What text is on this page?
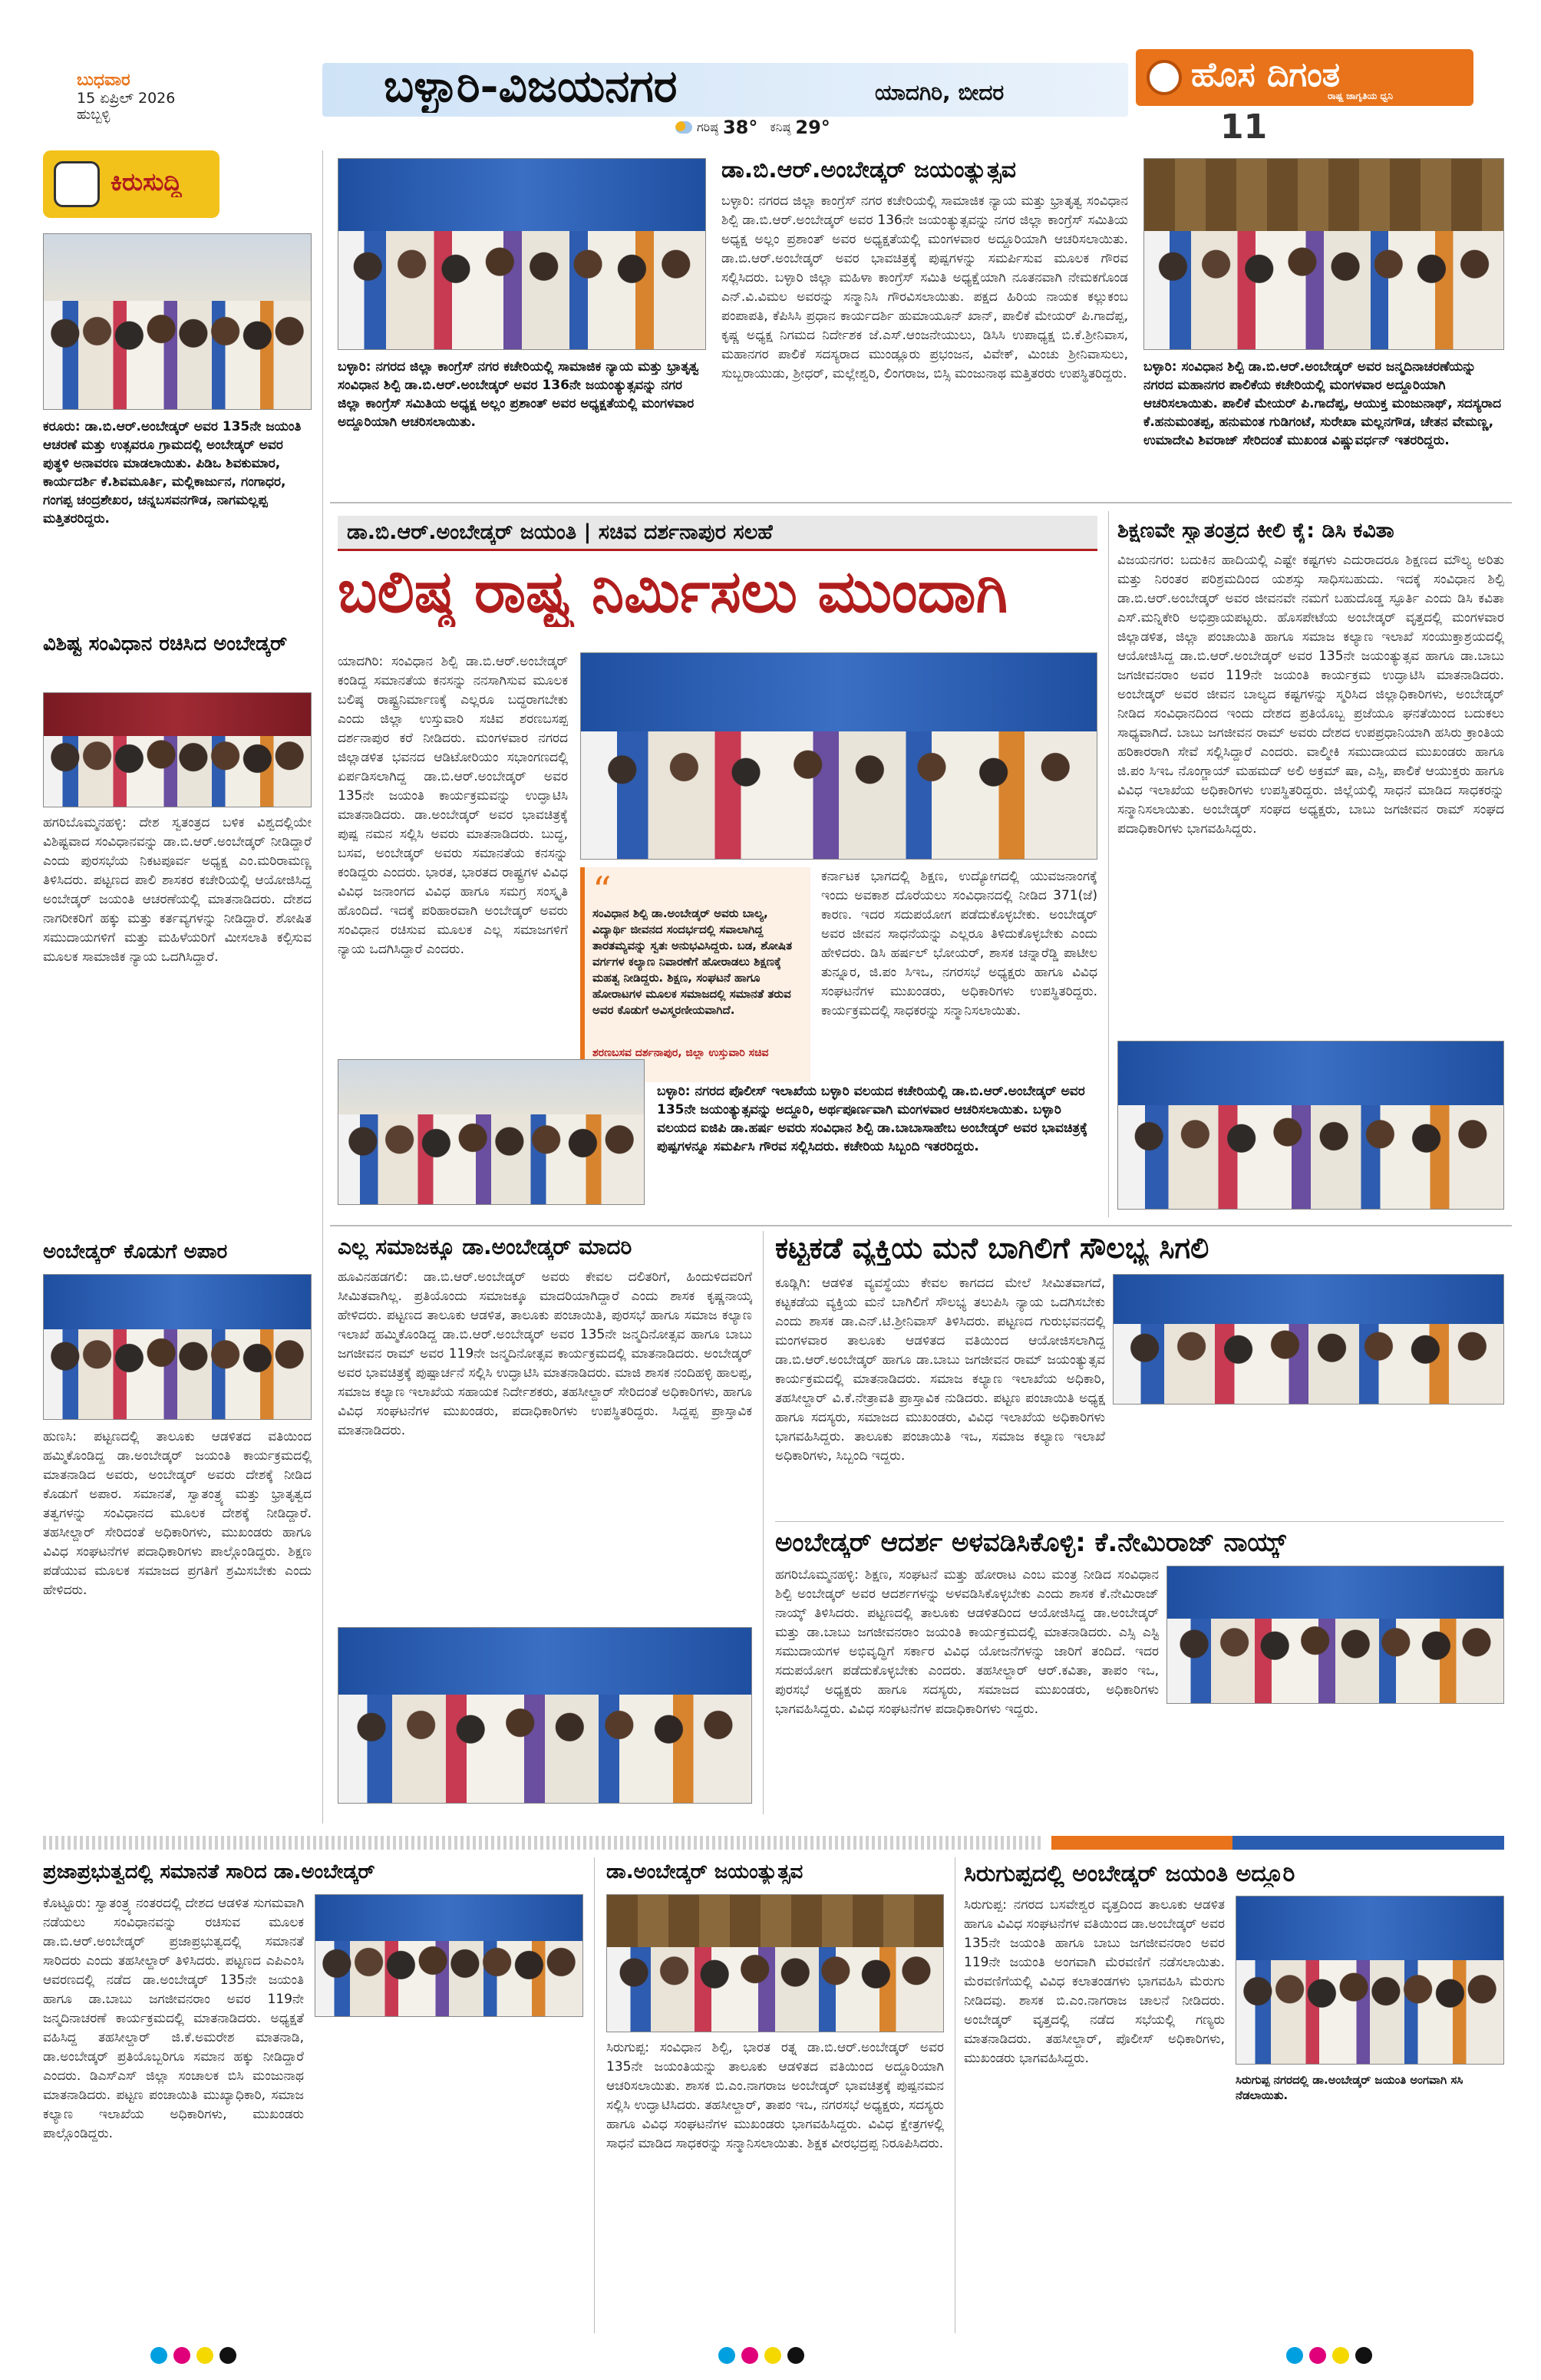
ಬುಧವಾರ
15 ಏಪ್ರಿಲ್ 2026
ಹುಬ್ಬಳ್ಳಿ
ಬಳ್ಳಾರಿ-ವಿಜಯನಗರ	ಯಾದಗಿರಿ, ಬೀದರ
ಗರಿಷ್ಠ 38° ಕನಿಷ್ಠ 29°
ಹೊಸ ದಿಗಂತ
ರಾಷ್ಟ್ರ ಜಾಗೃತಿಯ ಧ್ವನಿ
11
ಕಿರುಸುದ್ದಿ
ಕರೂರು: ಡಾ.ಬಿ.ಆರ್.ಅಂಬೇಡ್ಕರ್ ಅವರ 135ನೇ ಜಯಂತಿ ಆಚರಣೆ ಮತ್ತು ಉತ್ಸವರೂ ಗ್ರಾಮದಲ್ಲಿ ಅಂಬೇಡ್ಕರ್ ಅವರ ಪುತ್ಥಳಿ ಅನಾವರಣ ಮಾಡಲಾಯಿತು. ಪಿಡಿಒ ಶಿವಕುಮಾರ, ಕಾರ್ಯದರ್ಶಿ ಕೆ.ಶಿವಮೂರ್ತಿ, ಮಲ್ಲಿಕಾರ್ಜುನ, ಗಂಗಾಧರ, ಗಂಗಪ್ಪ ಚಂದ್ರಶೇಖರ, ಚನ್ನಬಸವನಗೌಡ, ನಾಗಮಲ್ಲಪ್ಪ ಮತ್ತಿತರರಿದ್ದರು.
ವಿಶಿಷ್ಟ ಸಂವಿಧಾನ ರಚಿಸಿದ ಅಂಬೇಡ್ಕರ್
ಹಗರಿಬೊಮ್ಮನಹಳ್ಳಿ: ದೇಶ ಸ್ವತಂತ್ರದ ಬಳಿಕ ವಿಶ್ವದಲ್ಲಿಯೇ ವಿಶಿಷ್ಟವಾದ ಸಂವಿಧಾನವನ್ನು ಡಾ.ಬಿ.ಆರ್.ಅಂಬೇಡ್ಕರ್ ನೀಡಿದ್ದಾರೆ ಎಂದು ಪುರಸಭೆಯ ನಿಕಟಪೂರ್ವ ಅಧ್ಯಕ್ಷ ಎಂ.ಮರಿರಾಮಣ್ಣ ತಿಳಿಸಿದರು. ಪಟ್ಟಣದ ಪಾಲಿ ಶಾಸಕರ ಕಚೇರಿಯಲ್ಲಿ ಆಯೋಜಿಸಿದ್ದ ಅಂಬೇಡ್ಕರ್ ಜಯಂತಿ ಆಚರಣೆಯಲ್ಲಿ ಮಾತನಾಡಿದರು. ದೇಶದ ನಾಗರೀಕರಿಗೆ ಹಕ್ಕು ಮತ್ತು ಕರ್ತವ್ಯಗಳನ್ನು ನೀಡಿದ್ದಾರೆ. ಶೋಷಿತ ಸಮುದಾಯಗಳಿಗೆ ಮತ್ತು ಮಹಿಳೆಯರಿಗೆ ಮೀಸಲಾತಿ ಕಲ್ಪಿಸುವ ಮೂಲಕ ಸಾಮಾಜಿಕ ನ್ಯಾಯ ಒದಗಿಸಿದ್ದಾರೆ.
ಅಂಬೇಡ್ಕರ್ ಕೊಡುಗೆ ಅಪಾರ
ಹುಣಸಿ: ಪಟ್ಟಣದಲ್ಲಿ ತಾಲೂಕು ಆಡಳಿತದ ವತಿಯಿಂದ ಹಮ್ಮಿಕೊಂಡಿದ್ದ ಡಾ.ಅಂಬೇಡ್ಕರ್ ಜಯಂತಿ ಕಾರ್ಯಕ್ರಮದಲ್ಲಿ ಮಾತನಾಡಿದ ಅವರು, ಅಂಬೇಡ್ಕರ್ ಅವರು ದೇಶಕ್ಕೆ ನೀಡಿದ ಕೊಡುಗೆ ಅಪಾರ. ಸಮಾನತೆ, ಸ್ವಾತಂತ್ರ್ಯ ಮತ್ತು ಭ್ರಾತೃತ್ವದ ತತ್ವಗಳನ್ನು ಸಂವಿಧಾನದ ಮೂಲಕ ದೇಶಕ್ಕೆ ನೀಡಿದ್ದಾರೆ. ತಹಸೀಲ್ದಾರ್ ಸೇರಿದಂತೆ ಅಧಿಕಾರಿಗಳು, ಮುಖಂಡರು ಹಾಗೂ ವಿವಿಧ ಸಂಘಟನೆಗಳ ಪದಾಧಿಕಾರಿಗಳು ಪಾಲ್ಗೊಂಡಿದ್ದರು. ಶಿಕ್ಷಣ ಪಡೆಯುವ ಮೂಲಕ ಸಮಾಜದ ಪ್ರಗತಿಗೆ ಶ್ರಮಿಸಬೇಕು ಎಂದು ಹೇಳಿದರು.
ಬಳ್ಳಾರಿ: ನಗರದ ಜಿಲ್ಲಾ ಕಾಂಗ್ರೆಸ್ ನಗರ ಕಚೇರಿಯಲ್ಲಿ ಸಾಮಾಜಿಕ ನ್ಯಾಯ ಮತ್ತು ಭ್ರಾತೃತ್ವ ಸಂವಿಧಾನ ಶಿಲ್ಪಿ ಡಾ.ಬಿ.ಆರ್.ಅಂಬೇಡ್ಕರ್ ಅವರ 136ನೇ ಜಯಂತ್ಯುತ್ಸವನ್ನು ನಗರ ಜಿಲ್ಲಾ ಕಾಂಗ್ರೆಸ್ ಸಮಿತಿಯ ಅಧ್ಯಕ್ಷ ಅಲ್ಲಂ ಪ್ರಶಾಂತ್ ಅವರ ಅಧ್ಯಕ್ಷತೆಯಲ್ಲಿ ಮಂಗಳವಾರ ಅದ್ದೂರಿಯಾಗಿ ಆಚರಿಸಲಾಯಿತು.
ಡಾ.ಬಿ.ಆರ್.ಅಂಬೇಡ್ಕರ್ ಜಯಂತ್ಯುತ್ಸವ
ಬಳ್ಳಾರಿ: ನಗರದ ಜಿಲ್ಲಾ ಕಾಂಗ್ರೆಸ್ ನಗರ ಕಚೇರಿಯಲ್ಲಿ ಸಾಮಾಜಿಕ ನ್ಯಾಯ ಮತ್ತು ಭ್ರಾತೃತ್ವ ಸಂವಿಧಾನ ಶಿಲ್ಪಿ ಡಾ.ಬಿ.ಆರ್.ಅಂಬೇಡ್ಕರ್ ಅವರ 136ನೇ ಜಯಂತ್ಯುತ್ಸವನ್ನು ನಗರ ಜಿಲ್ಲಾ ಕಾಂಗ್ರೆಸ್ ಸಮಿತಿಯ ಅಧ್ಯಕ್ಷ ಅಲ್ಲಂ ಪ್ರಶಾಂತ್ ಅವರ ಅಧ್ಯಕ್ಷತೆಯಲ್ಲಿ ಮಂಗಳವಾರ ಅದ್ದೂರಿಯಾಗಿ ಆಚರಿಸಲಾಯಿತು. ಡಾ.ಬಿ.ಆರ್.ಅಂಬೇಡ್ಕರ್ ಅವರ ಭಾವಚಿತ್ರಕ್ಕೆ ಪುಷ್ಪಗಳನ್ನು ಸಮರ್ಪಿಸುವ ಮೂಲಕ ಗೌರವ ಸಲ್ಲಿಸಿದರು. ಬಳ್ಳಾರಿ ಜಿಲ್ಲಾ ಮಹಿಳಾ ಕಾಂಗ್ರೆಸ್ ಸಮಿತಿ ಅಧ್ಯಕ್ಷೆಯಾಗಿ ನೂತನವಾಗಿ ನೇಮಕಗೊಂಡ ಎನ್.ವಿ.ವಿಮಲ ಅವರನ್ನು ಸನ್ಮಾನಿಸಿ ಗೌರವಿಸಲಾಯಿತು. ಪಕ್ಷದ ಹಿರಿಯ ನಾಯಕ ಕಲ್ಲುಕಂಬ ಪಂಪಾಪತಿ, ಕೆಪಿಸಿಸಿ ಪ್ರಧಾನ ಕಾರ್ಯದರ್ಶಿ ಹುಮಾಯೂನ್ ಖಾನ್, ಪಾಲಿಕೆ ಮೇಯರ್ ಪಿ.ಗಾದೆಪ್ಪ, ಕೃಷ್ಣ ಅಧ್ಯಕ್ಷ ನಿಗಮದ ನಿರ್ದೇಶಕ ಜೆ.ಎಸ್.ಆಂಜನೇಯುಲು, ಡಿಸಿಸಿ ಉಪಾಧ್ಯಕ್ಷ ಬಿ.ಕೆ.ಶ್ರೀನಿವಾಸ, ಮಹಾನಗರ ಪಾಲಿಕೆ ಸದಸ್ಯರಾದ ಮುಂಡ್ಲೂರು ಪ್ರಭಂಜನ, ವಿವೇಕ್, ಮಿಂಚು ಶ್ರೀನಿವಾಸುಲು, ಸುಬ್ಬರಾಯುಡು, ಶ್ರೀಧರ್, ಮಲ್ಲೇಶ್ವರಿ, ಲಿಂಗರಾಜ, ಬಿಸ್ಸಿ ಮಂಜುನಾಥ ಮತ್ತಿತರರು ಉಪಸ್ಥಿತರಿದ್ದರು. ಬಳ್ಳಾರಿ: ಸಂವಿಧಾನ ಶಿಲ್ಪಿ ಡಾ.ಬಿ.ಆರ್.ಅಂಬೇಡ್ಕರ್ ಅವರ ಜನ್ಮದಿನಾಚರಣೆಯನ್ನು ನಗರದ ಮಹಾನಗರ ಪಾಲಿಕೆಯ ಕಚೇರಿಯಲ್ಲಿ ಮಂಗಳವಾರ ಅದ್ದೂರಿಯಾಗಿ ಆಚರಿಸಲಾಯಿತು. ಪಾಲಿಕೆ ಮೇಯರ್ ಪಿ.ಗಾದೆಪ್ಪ, ಆಯುಕ್ತ ಮಂಜುನಾಥ್, ಸದಸ್ಯರಾದ ಕೆ.ಹನುಮಂತಪ್ಪ, ಹನುಮಂತ ಗುಡಿಗಂಟೆ, ಸುರೇಖಾ ಮಲ್ಲನಗೌಡ, ಚೇತನ ವೇಮಣ್ಣ, ಉಮಾದೇವಿ ಶಿವರಾಜ್ ಸೇರಿದಂತೆ ಮುಖಂಡ ವಿಷ್ಣುವರ್ಧನ್ ಇತರರಿದ್ದರು.
ಡಾ.ಬಿ.ಆರ್.ಅಂಬೇಡ್ಕರ್ ಜಯಂತಿ | ಸಚಿವ ದರ್ಶನಾಪುರ ಸಲಹೆ
ಬಲಿಷ್ಠ ರಾಷ್ಟ್ರ ನಿರ್ಮಿಸಲು ಮುಂದಾಗಿ
ಯಾದಗಿರಿ: ಸಂವಿಧಾನ ಶಿಲ್ಪಿ ಡಾ.ಬಿ.ಆರ್.ಅಂಬೇಡ್ಕರ್ ಕಂಡಿದ್ದ ಸಮಾನತೆಯ ಕನಸನ್ನು ನನಸಾಗಿಸುವ ಮೂಲಕ ಬಲಿಷ್ಠ ರಾಷ್ಟ್ರನಿರ್ಮಾಣಕ್ಕೆ ಎಲ್ಲರೂ ಬದ್ಧರಾಗಬೇಕು ಎಂದು ಜಿಲ್ಲಾ ಉಸ್ತುವಾರಿ ಸಚಿವ ಶರಣಬಸಪ್ಪ ದರ್ಶನಾಪುರ ಕರೆ ನೀಡಿದರು. ಮಂಗಳವಾರ ನಗರದ ಜಿಲ್ಲಾಡಳಿತ ಭವನದ ಆಡಿಟೋರಿಯಂ ಸಭಾಂಗಣದಲ್ಲಿ ಏರ್ಪಡಿಸಲಾಗಿದ್ದ ಡಾ.ಬಿ.ಆರ್.ಅಂಬೇಡ್ಕರ್ ಅವರ 135ನೇ ಜಯಂತಿ ಕಾರ್ಯಕ್ರಮವನ್ನು ಉದ್ಘಾಟಿಸಿ ಮಾತನಾಡಿದರು. ಡಾ.ಅಂಬೇಡ್ಕರ್ ಅವರ ಭಾವಚಿತ್ರಕ್ಕೆ ಪುಷ್ಪ ನಮನ ಸಲ್ಲಿಸಿ ಅವರು ಮಾತನಾಡಿದರು. ಬುದ್ಧ, ಬಸವ, ಅಂಬೇಡ್ಕರ್ ಅವರು ಸಮಾನತೆಯ ಕನಸನ್ನು ಕಂಡಿದ್ದರು ಎಂದರು. ಭಾರತ, ಭಾರತದ ರಾಷ್ಟ್ರಗಳ ವಿವಿಧ ವಿವಿಧ ಜನಾಂಗದ ವಿವಿಧ ಹಾಗೂ ಸಮಗ್ರ ಸಂಸ್ಕೃತಿ ಹೊಂದಿದೆ. ಇದಕ್ಕೆ ಪರಿಹಾರವಾಗಿ ಅಂಬೇಡ್ಕರ್ ಅವರು ಸಂವಿಧಾನ ರಚಿಸುವ ಮೂಲಕ ಎಲ್ಲ ಸಮಾಜಗಳಿಗೆ ನ್ಯಾಯ ಒದಗಿಸಿದ್ದಾರೆ ಎಂದರು.
“
ಸಂವಿಧಾನ ಶಿಲ್ಪಿ ಡಾ.ಅಂಬೇಡ್ಕರ್ ಅವರು ಬಾಲ್ಯ, ವಿದ್ಯಾರ್ಥಿ ಜೀವನದ ಸಂದರ್ಭದಲ್ಲಿ ಸವಾಲಾಗಿದ್ದ ತಾರತಮ್ಯವನ್ನು ಸ್ವತಃ ಅನುಭವಿಸಿದ್ದರು. ಬಡ, ಶೋಷಿತ ವರ್ಗಗಳ ಕಲ್ಯಾಣ ನಿವಾರಣೆಗೆ ಹೋರಾಡಲು ಶಿಕ್ಷಣಕ್ಕೆ ಮಹತ್ವ ನೀಡಿದ್ದರು. ಶಿಕ್ಷಣ, ಸಂಘಟನೆ ಹಾಗೂ ಹೋರಾಟಗಳ ಮೂಲಕ ಸಮಾಜದಲ್ಲಿ ಸಮಾನತೆ ತರುವ ಅವರ ಕೊಡುಗೆ ಅವಿಸ್ಮರಣೀಯವಾಗಿದೆ.
ಶರಣಬಸವ ದರ್ಶನಾಪುರ, ಜಿಲ್ಲಾ ಉಸ್ತುವಾರಿ ಸಚಿವ
ಕರ್ನಾಟಕ ಭಾಗದಲ್ಲಿ ಶಿಕ್ಷಣ, ಉದ್ಯೋಗದಲ್ಲಿ ಯುವಜನಾಂಗಕ್ಕೆ ಇಂದು ಅವಕಾಶ ದೊರೆಯಲು ಸಂವಿಧಾನದಲ್ಲಿ ನೀಡಿದ 371(ಜೆ) ಕಾರಣ. ಇದರ ಸದುಪಯೋಗ ಪಡೆದುಕೊಳ್ಳಬೇಕು. ಅಂಬೇಡ್ಕರ್ ಅವರ ಜೀವನ ಸಾಧನೆಯನ್ನು ಎಲ್ಲರೂ ತಿಳಿದುಕೊಳ್ಳಬೇಕು ಎಂದು ಹೇಳಿದರು. ಡಿಸಿ ಹರ್ಷಲ್ ಭೋಯರ್, ಶಾಸಕ ಚನ್ನಾರೆಡ್ಡಿ ಪಾಟೀಲ ತುನ್ನೂರ, ಜಿ.ಪಂ ಸಿಇಒ, ನಗರಸಭೆ ಅಧ್ಯಕ್ಷರು ಹಾಗೂ ವಿವಿಧ ಸಂಘಟನೆಗಳ ಮುಖಂಡರು, ಅಧಿಕಾರಿಗಳು ಉಪಸ್ಥಿತರಿದ್ದರು. ಕಾರ್ಯಕ್ರಮದಲ್ಲಿ ಸಾಧಕರನ್ನು ಸನ್ಮಾನಿಸಲಾಯಿತು.
ಬಳ್ಳಾರಿ: ನಗರದ ಪೊಲೀಸ್ ಇಲಾಖೆಯ ಬಳ್ಳಾರಿ ವಲಯದ ಕಚೇರಿಯಲ್ಲಿ ಡಾ.ಬಿ.ಆರ್.ಅಂಬೇಡ್ಕರ್ ಅವರ 135ನೇ ಜಯಂತ್ಯುತ್ಸವನ್ನು ಅದ್ದೂರಿ, ಅರ್ಥಪೂರ್ಣವಾಗಿ ಮಂಗಳವಾರ ಆಚರಿಸಲಾಯಿತು. ಬಳ್ಳಾರಿ ವಲಯದ ಐಜಿಪಿ ಡಾ.ಹರ್ಷ ಅವರು ಸಂವಿಧಾನ ಶಿಲ್ಪಿ ಡಾ.ಬಾಬಾಸಾಹೇಬ ಅಂಬೇಡ್ಕರ್ ಅವರ ಭಾವಚಿತ್ರಕ್ಕೆ ಪುಷ್ಪಗಳನ್ನೂ ಸಮರ್ಪಿಸಿ ಗೌರವ ಸಲ್ಲಿಸಿದರು. ಕಚೇರಿಯ ಸಿಬ್ಬಂದಿ ಇತರರಿದ್ದರು.
ಶಿಕ್ಷಣವೇ ಸ್ವಾತಂತ್ರ್ಯದ ಕೀಲಿ ಕೈ: ಡಿಸಿ ಕವಿತಾ
ವಿಜಯನಗರ: ಬದುಕಿನ ಹಾದಿಯಲ್ಲಿ ಎಷ್ಟೇ ಕಷ್ಟಗಳು ಎದುರಾದರೂ ಶಿಕ್ಷಣದ ಮೌಲ್ಯ ಅರಿತು ಮತ್ತು ನಿರಂತರ ಪರಿಶ್ರಮದಿಂದ ಯಶಸ್ಸು ಸಾಧಿಸಬಹುದು. ಇದಕ್ಕೆ ಸಂವಿಧಾನ ಶಿಲ್ಪಿ ಡಾ.ಬಿ.ಆರ್.ಅಂಬೇಡ್ಕರ್ ಅವರ ಜೀವನವೇ ನಮಗೆ ಬಹುದೊಡ್ಡ ಸ್ಫೂರ್ತಿ ಎಂದು ಡಿಸಿ ಕವಿತಾ ಎಸ್.ಮನ್ನಿಕೇರಿ ಅಭಿಪ್ರಾಯಪಟ್ಟರು. ಹೊಸಪೇಟೆಯ ಅಂಬೇಡ್ಕರ್ ವೃತ್ತದಲ್ಲಿ ಮಂಗಳವಾರ ಜಿಲ್ಲಾಡಳಿತ, ಜಿಲ್ಲಾ ಪಂಚಾಯಿತಿ ಹಾಗೂ ಸಮಾಜ ಕಲ್ಯಾಣ ಇಲಾಖೆ ಸಂಯುಕ್ತಾಶ್ರಯದಲ್ಲಿ ಆಯೋಜಿಸಿದ್ದ ಡಾ.ಬಿ.ಆರ್.ಅಂಬೇಡ್ಕರ್ ಅವರ 135ನೇ ಜಯಂತ್ಯುತ್ಸವ ಹಾಗೂ ಡಾ.ಬಾಬು ಜಗಜೀವನರಾಂ ಅವರ 119ನೇ ಜಯಂತಿ ಕಾರ್ಯಕ್ರಮ ಉದ್ಘಾಟಿಸಿ ಮಾತನಾಡಿದರು. ಅಂಬೇಡ್ಕರ್ ಅವರ ಜೀವನ ಬಾಲ್ಯದ ಕಷ್ಟಗಳನ್ನು ಸ್ಮರಿಸಿದ ಜಿಲ್ಲಾಧಿಕಾರಿಗಳು, ಅಂಬೇಡ್ಕರ್ ನೀಡಿದ ಸಂವಿಧಾನದಿಂದ ಇಂದು ದೇಶದ ಪ್ರತಿಯೊಬ್ಬ ಪ್ರಜೆಯೂ ಘನತೆಯಿಂದ ಬದುಕಲು ಸಾಧ್ಯವಾಗಿದೆ. ಬಾಬು ಜಗಜೀವನ ರಾಮ್ ಅವರು ದೇಶದ ಉಪಪ್ರಧಾನಿಯಾಗಿ ಹಸಿರು ಕ್ರಾಂತಿಯ ಹರಿಕಾರರಾಗಿ ಸೇವೆ ಸಲ್ಲಿಸಿದ್ದಾರೆ ಎಂದರು. ವಾಲ್ಮೀಕಿ ಸಮುದಾಯದ ಮುಖಂಡರು ಹಾಗೂ ಜಿ.ಪಂ ಸಿಇಒ ನೊಂಗ್ಜಾಯ್ ಮಹಮದ್ ಅಲಿ ಅಕ್ರಮ್ ಷಾ, ಎಸ್ಪಿ, ಪಾಲಿಕೆ ಆಯುಕ್ತರು ಹಾಗೂ ವಿವಿಧ ಇಲಾಖೆಯ ಅಧಿಕಾರಿಗಳು ಉಪಸ್ಥಿತರಿದ್ದರು. ಜಿಲ್ಲೆಯಲ್ಲಿ ಸಾಧನೆ ಮಾಡಿದ ಸಾಧಕರನ್ನು ಸನ್ಮಾನಿಸಲಾಯಿತು. ಅಂಬೇಡ್ಕರ್ ಸಂಘದ ಅಧ್ಯಕ್ಷರು, ಬಾಬು ಜಗಜೀವನ ರಾಮ್ ಸಂಘದ ಪದಾಧಿಕಾರಿಗಳು ಭಾಗವಹಿಸಿದ್ದರು.
ಎಲ್ಲ ಸಮಾಜಕ್ಕೂ ಡಾ.ಅಂಬೇಡ್ಕರ್ ಮಾದರಿ
ಹೂವಿನಹಡಗಲಿ: ಡಾ.ಬಿ.ಆರ್.ಅಂಬೇಡ್ಕರ್ ಅವರು ಕೇವಲ ದಲಿತರಿಗೆ, ಹಿಂದುಳಿದವರಿಗೆ ಸೀಮಿತವಾಗಿಲ್ಲ. ಪ್ರತಿಯೊಂದು ಸಮಾಜಕ್ಕೂ ಮಾದರಿಯಾಗಿದ್ದಾರೆ ಎಂದು ಶಾಸಕ ಕೃಷ್ಣನಾಯ್ಕ ಹೇಳಿದರು. ಪಟ್ಟಣದ ತಾಲೂಕು ಆಡಳಿತ, ತಾಲೂಕು ಪಂಚಾಯಿತಿ, ಪುರಸಭೆ ಹಾಗೂ ಸಮಾಜ ಕಲ್ಯಾಣ ಇಲಾಖೆ ಹಮ್ಮಿಕೊಂಡಿದ್ದ ಡಾ.ಬಿ.ಆರ್.ಅಂಬೇಡ್ಕರ್ ಅವರ 135ನೇ ಜನ್ಮದಿನೋತ್ಸವ ಹಾಗೂ ಬಾಬು ಜಗಜೀವನ ರಾಮ್ ಅವರ 119ನೇ ಜನ್ಮದಿನೋತ್ಸವ ಕಾರ್ಯಕ್ರಮದಲ್ಲಿ ಮಾತನಾಡಿದರು. ಅಂಬೇಡ್ಕರ್ ಅವರ ಭಾವಚಿತ್ರಕ್ಕೆ ಪುಷ್ಪಾರ್ಚನೆ ಸಲ್ಲಿಸಿ ಉದ್ಘಾಟಿಸಿ ಮಾತನಾಡಿದರು. ಮಾಜಿ ಶಾಸಕ ನಂದಿಹಳ್ಳಿ ಹಾಲಪ್ಪ, ಸಮಾಜ ಕಲ್ಯಾಣ ಇಲಾಖೆಯ ಸಹಾಯಕ ನಿರ್ದೇಶಕರು, ತಹಸೀಲ್ದಾರ್ ಸೇರಿದಂತೆ ಅಧಿಕಾರಿಗಳು, ಹಾಗೂ ವಿವಿಧ ಸಂಘಟನೆಗಳ ಮುಖಂಡರು, ಪದಾಧಿಕಾರಿಗಳು ಉಪಸ್ಥಿತರಿದ್ದರು. ಸಿದ್ದಪ್ಪ ಪ್ರಾಸ್ತಾವಿಕ ಮಾತನಾಡಿದರು.
ಕಟ್ಟಕಡೆ ವ್ಯಕ್ತಿಯ ಮನೆ ಬಾಗಿಲಿಗೆ ಸೌಲಭ್ಯ ಸಿಗಲಿ
ಕೂಡ್ಲಿಗಿ: ಆಡಳಿತ ವ್ಯವಸ್ಥೆಯು ಕೇವಲ ಕಾಗದದ ಮೇಲೆ ಸೀಮಿತವಾಗದೆ, ಕಟ್ಟಕಡೆಯ ವ್ಯಕ್ತಿಯ ಮನೆ ಬಾಗಿಲಿಗೆ ಸೌಲಭ್ಯ ತಲುಪಿಸಿ ನ್ಯಾಯ ಒದಗಿಸಬೇಕು ಎಂದು ಶಾಸಕ ಡಾ.ಎನ್.ಟಿ.ಶ್ರೀನಿವಾಸ್ ತಿಳಿಸಿದರು. ಪಟ್ಟಣದ ಗುರುಭವನದಲ್ಲಿ ಮಂಗಳವಾರ ತಾಲೂಕು ಆಡಳಿತದ ವತಿಯಿಂದ ಆಯೋಜಿಸಲಾಗಿದ್ದ ಡಾ.ಬಿ.ಆರ್.ಅಂಬೇಡ್ಕರ್ ಹಾಗೂ ಡಾ.ಬಾಬು ಜಗಜೀವನ ರಾಮ್ ಜಯಂತ್ಯುತ್ಸವ ಕಾರ್ಯಕ್ರಮದಲ್ಲಿ ಮಾತನಾಡಿದರು. ಸಮಾಜ ಕಲ್ಯಾಣ ಇಲಾಖೆಯ ಅಧಿಕಾರಿ, ತಹಸೀಲ್ದಾರ್ ವಿ.ಕೆ.ನೇತ್ರಾವತಿ ಪ್ರಾಸ್ತಾವಿಕ ನುಡಿದರು. ಪಟ್ಟಣ ಪಂಚಾಯಿತಿ ಅಧ್ಯಕ್ಷ ಹಾಗೂ ಸದಸ್ಯರು, ಸಮಾಜದ ಮುಖಂಡರು, ವಿವಿಧ ಇಲಾಖೆಯ ಅಧಿಕಾರಿಗಳು ಭಾಗವಹಿಸಿದ್ದರು. ತಾಲೂಕು ಪಂಚಾಯಿತಿ ಇಒ, ಸಮಾಜ ಕಲ್ಯಾಣ ಇಲಾಖೆ ಅಧಿಕಾರಿಗಳು, ಸಿಬ್ಬಂದಿ ಇದ್ದರು.
ಅಂಬೇಡ್ಕರ್ ಆದರ್ಶ ಅಳವಡಿಸಿಕೊಳ್ಳಿ: ಕೆ.ನೇಮಿರಾಜ್ ನಾಯ್ಕ್
ಹಗರಿಬೊಮ್ಮನಹಳ್ಳಿ: ಶಿಕ್ಷಣ, ಸಂಘಟನೆ ಮತ್ತು ಹೋರಾಟ ಎಂಬ ಮಂತ್ರ ನೀಡಿದ ಸಂವಿಧಾನ ಶಿಲ್ಪಿ ಅಂಬೇಡ್ಕರ್ ಅವರ ಆದರ್ಶಗಳನ್ನು ಅಳವಡಿಸಿಕೊಳ್ಳಬೇಕು ಎಂದು ಶಾಸಕ ಕೆ.ನೇಮಿರಾಜ್ ನಾಯ್ಕ್ ತಿಳಿಸಿದರು. ಪಟ್ಟಣದಲ್ಲಿ ತಾಲೂಕು ಆಡಳಿತದಿಂದ ಆಯೋಜಿಸಿದ್ದ ಡಾ.ಅಂಬೇಡ್ಕರ್ ಮತ್ತು ಡಾ.ಬಾಬು ಜಗಜೀವನರಾಂ ಜಯಂತಿ ಕಾರ್ಯಕ್ರಮದಲ್ಲಿ ಮಾತನಾಡಿದರು. ಎಸ್ಸಿ ಎಸ್ಟಿ ಸಮುದಾಯಗಳ ಅಭಿವೃದ್ಧಿಗೆ ಸರ್ಕಾರ ವಿವಿಧ ಯೋಜನೆಗಳನ್ನು ಜಾರಿಗೆ ತಂದಿದೆ. ಇದರ ಸದುಪಯೋಗ ಪಡೆದುಕೊಳ್ಳಬೇಕು ಎಂದರು. ತಹಸೀಲ್ದಾರ್ ಆರ್.ಕವಿತಾ, ತಾಪಂ ಇಒ, ಪುರಸಭೆ ಅಧ್ಯಕ್ಷರು ಹಾಗೂ ಸದಸ್ಯರು, ಸಮಾಜದ ಮುಖಂಡರು, ಅಧಿಕಾರಿಗಳು ಭಾಗವಹಿಸಿದ್ದರು. ವಿವಿಧ ಸಂಘಟನೆಗಳ ಪದಾಧಿಕಾರಿಗಳು ಇದ್ದರು.
ಪ್ರಜಾಪ್ರಭುತ್ವದಲ್ಲಿ ಸಮಾನತೆ ಸಾರಿದ ಡಾ.ಅಂಬೇಡ್ಕರ್
ಕೊಟ್ಟೂರು: ಸ್ವಾತಂತ್ರ್ಯ ನಂತರದಲ್ಲಿ ದೇಶದ ಆಡಳಿತ ಸುಗಮವಾಗಿ ನಡೆಯಲು ಸಂವಿಧಾನವನ್ನು ರಚಿಸುವ ಮೂಲಕ ಡಾ.ಬಿ.ಆರ್.ಅಂಬೇಡ್ಕರ್ ಪ್ರಜಾಪ್ರಭುತ್ವದಲ್ಲಿ ಸಮಾನತೆ ಸಾರಿದರು ಎಂದು ತಹಸೀಲ್ದಾರ್ ತಿಳಿಸಿದರು. ಪಟ್ಟಣದ ಎಪಿಎಂಸಿ ಆವರಣದಲ್ಲಿ ನಡೆದ ಡಾ.ಅಂಬೇಡ್ಕರ್ 135ನೇ ಜಯಂತಿ ಹಾಗೂ ಡಾ.ಬಾಬು ಜಗಜೀವನರಾಂ ಅವರ 119ನೇ ಜನ್ಮದಿನಾಚರಣೆ ಕಾರ್ಯಕ್ರಮದಲ್ಲಿ ಮಾತನಾಡಿದರು. ಅಧ್ಯಕ್ಷತೆ ವಹಿಸಿದ್ದ ತಹಸೀಲ್ದಾರ್ ಜಿ.ಕೆ.ಅಮರೇಶ ಮಾತನಾಡಿ, ಡಾ.ಅಂಬೇಡ್ಕರ್ ಪ್ರತಿಯೊಬ್ಬರಿಗೂ ಸಮಾನ ಹಕ್ಕು ನೀಡಿದ್ದಾರೆ ಎಂದರು. ಡಿಎಸ್ಎಸ್ ಜಿಲ್ಲಾ ಸಂಚಾಲಕ ಬಿಸಿ ಮಂಜುನಾಥ ಮಾತನಾಡಿದರು. ಪಟ್ಟಣ ಪಂಚಾಯಿತಿ ಮುಖ್ಯಾಧಿಕಾರಿ, ಸಮಾಜ ಕಲ್ಯಾಣ ಇಲಾಖೆಯ ಅಧಿಕಾರಿಗಳು, ಮುಖಂಡರು ಪಾಲ್ಗೊಂಡಿದ್ದರು.
ಡಾ.ಅಂಬೇಡ್ಕರ್ ಜಯಂತ್ಯುತ್ಸವ
ಸಿರುಗುಪ್ಪ: ಸಂವಿಧಾನ ಶಿಲ್ಪಿ, ಭಾರತ ರತ್ನ ಡಾ.ಬಿ.ಆರ್.ಅಂಬೇಡ್ಕರ್ ಅವರ 135ನೇ ಜಯಂತಿಯನ್ನು ತಾಲೂಕು ಆಡಳಿತದ ವತಿಯಿಂದ ಅದ್ದೂರಿಯಾಗಿ ಆಚರಿಸಲಾಯಿತು. ಶಾಸಕ ಬಿ.ಎಂ.ನಾಗರಾಜ ಅಂಬೇಡ್ಕರ್ ಭಾವಚಿತ್ರಕ್ಕೆ ಪುಷ್ಪನಮನ ಸಲ್ಲಿಸಿ ಉದ್ಘಾಟಿಸಿದರು. ತಹಸೀಲ್ದಾರ್, ತಾಪಂ ಇಒ, ನಗರಸಭೆ ಅಧ್ಯಕ್ಷರು, ಸದಸ್ಯರು ಹಾಗೂ ವಿವಿಧ ಸಂಘಟನೆಗಳ ಮುಖಂಡರು ಭಾಗವಹಿಸಿದ್ದರು. ವಿವಿಧ ಕ್ಷೇತ್ರಗಳಲ್ಲಿ ಸಾಧನೆ ಮಾಡಿದ ಸಾಧಕರನ್ನು ಸನ್ಮಾನಿಸಲಾಯಿತು. ಶಿಕ್ಷಕ ವೀರಭದ್ರಪ್ಪ ನಿರೂಪಿಸಿದರು.
ಸಿರುಗುಪ್ಪದಲ್ಲಿ ಅಂಬೇಡ್ಕರ್ ಜಯಂತಿ ಅದ್ದೂರಿ
ಸಿರುಗುಪ್ಪ: ನಗರದ ಬಸವೇಶ್ವರ ವೃತ್ತದಿಂದ ತಾಲೂಕು ಆಡಳಿತ ಹಾಗೂ ವಿವಿಧ ಸಂಘಟನೆಗಳ ವತಿಯಿಂದ ಡಾ.ಅಂಬೇಡ್ಕರ್ ಅವರ 135ನೇ ಜಯಂತಿ ಹಾಗೂ ಬಾಬು ಜಗಜೀವನರಾಂ ಅವರ 119ನೇ ಜಯಂತಿ ಅಂಗವಾಗಿ ಮೆರವಣಿಗೆ ನಡೆಸಲಾಯಿತು. ಮೆರವಣಿಗೆಯಲ್ಲಿ ವಿವಿಧ ಕಲಾತಂಡಗಳು ಭಾಗವಹಿಸಿ ಮೆರುಗು ನೀಡಿದವು. ಶಾಸಕ ಬಿ.ಎಂ.ನಾಗರಾಜ ಚಾಲನೆ ನೀಡಿದರು. ಅಂಬೇಡ್ಕರ್ ವೃತ್ತದಲ್ಲಿ ನಡೆದ ಸಭೆಯಲ್ಲಿ ಗಣ್ಯರು ಮಾತನಾಡಿದರು. ತಹಸೀಲ್ದಾರ್, ಪೊಲೀಸ್ ಅಧಿಕಾರಿಗಳು, ಮುಖಂಡರು ಭಾಗವಹಿಸಿದ್ದರು.
ಸಿರುಗುಪ್ಪ ನಗರದಲ್ಲಿ ಡಾ.ಅಂಬೇಡ್ಕರ್ ಜಯಂತಿ ಅಂಗವಾಗಿ ಸಸಿ ನೆಡಲಾಯಿತು.
